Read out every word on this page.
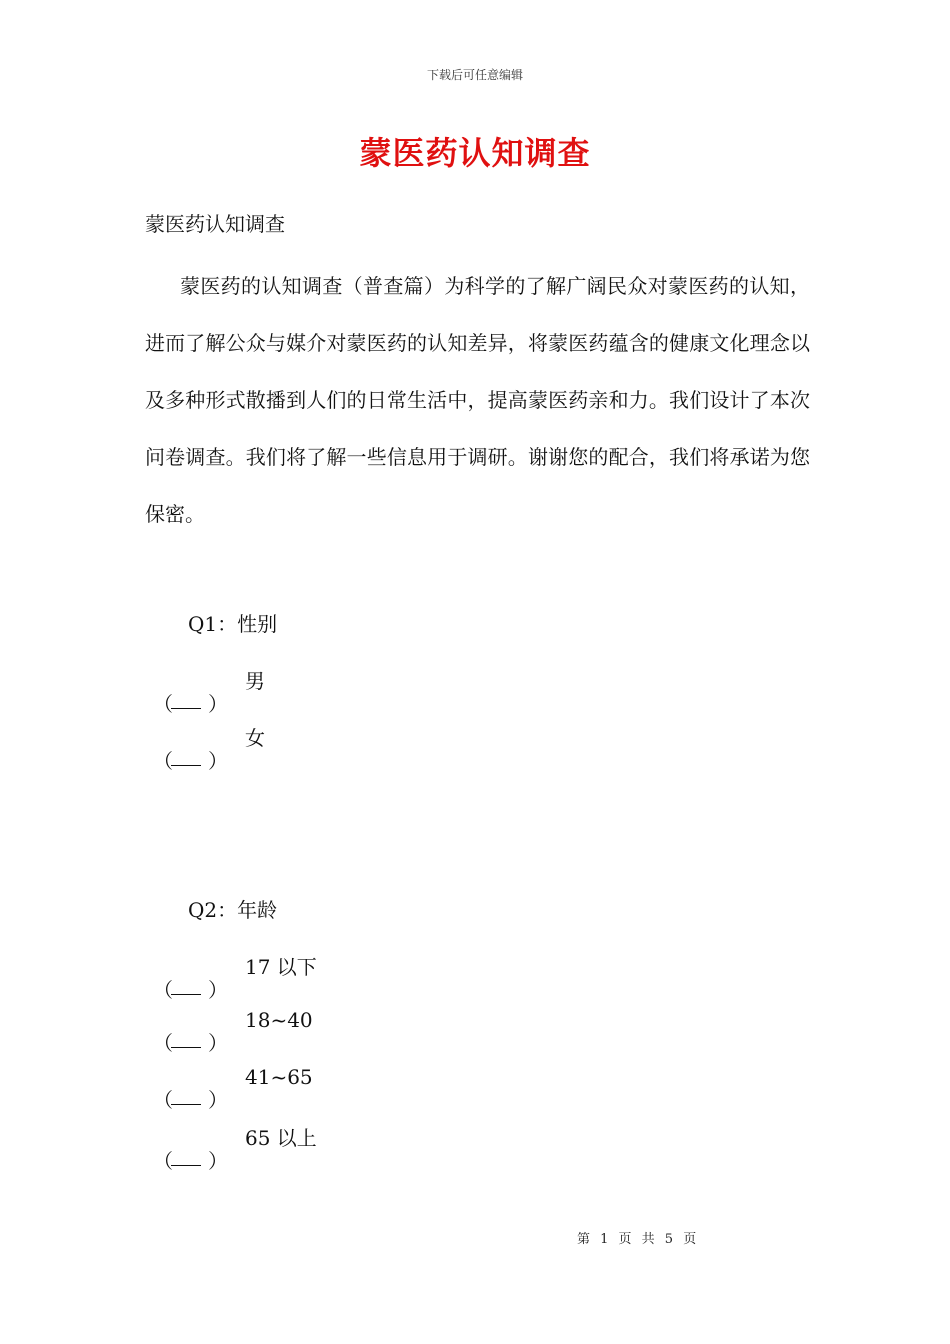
下载后可任意编辑
蒙医药认知调查
蒙医药认知调查

蒙医药的认知调查（普查篇）为科学的了解广阔民众对蒙医药的认知，进而了解公众与媒介对蒙医药的认知差异，将蒙医药蕴含的健康文化理念以及多种形式散播到人们的日常生活中，提高蒙医药亲和力。我们设计了本次问卷调查。我们将了解一些信息用于调研。谢谢您的配合，我们将承诺为您保密。

Q1：性别
（ ）
男
（ ）
女
Q2：年龄
（ ）
17 以下
（ ）
18~40
（ ）
41~65
（ ）
65 以上
第 1 页 共 5 页
